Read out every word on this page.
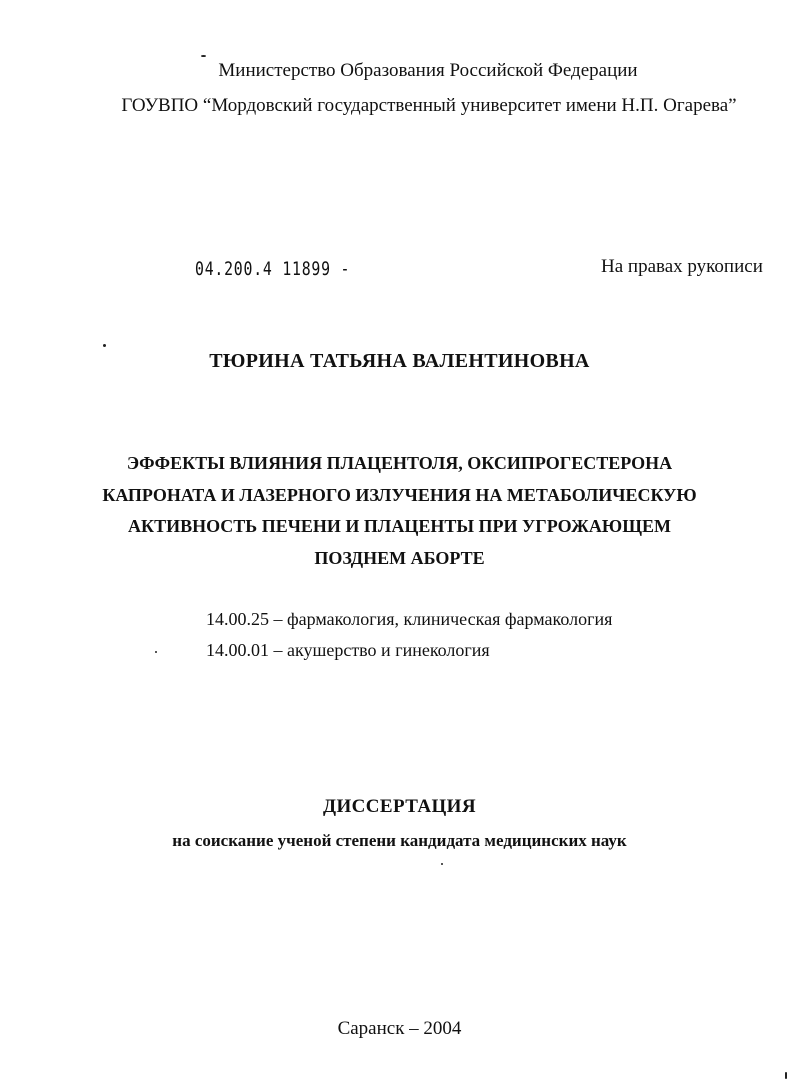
Министерство Образования Российской Федерации
ГОУВПО “Мордовский государственный университет имени Н.П. Огарева”
04.200.4 11899 -	На правах рукописи
ТЮРИНА ТАТЬЯНА ВАЛЕНТИНОВНА
ЭФФЕКТЫ ВЛИЯНИЯ ПЛАЦЕНТОЛЯ, ОКСИПРОГЕСТЕРОНА
КАПРОНАТА И ЛАЗЕРНОГО ИЗЛУЧЕНИЯ НА МЕТАБОЛИЧЕСКУЮ
АКТИВНОСТЬ ПЕЧЕНИ И ПЛАЦЕНТЫ ПРИ УГРОЖАЮЩЕМ
ПОЗДНЕМ АБОРТЕ
14.00.25 – фармакология, клиническая фармакология
14.00.01 – акушерство и гинекология
ДИССЕРТАЦИЯ
на соискание ученой степени кандидата медицинских наук
Саранск – 2004
